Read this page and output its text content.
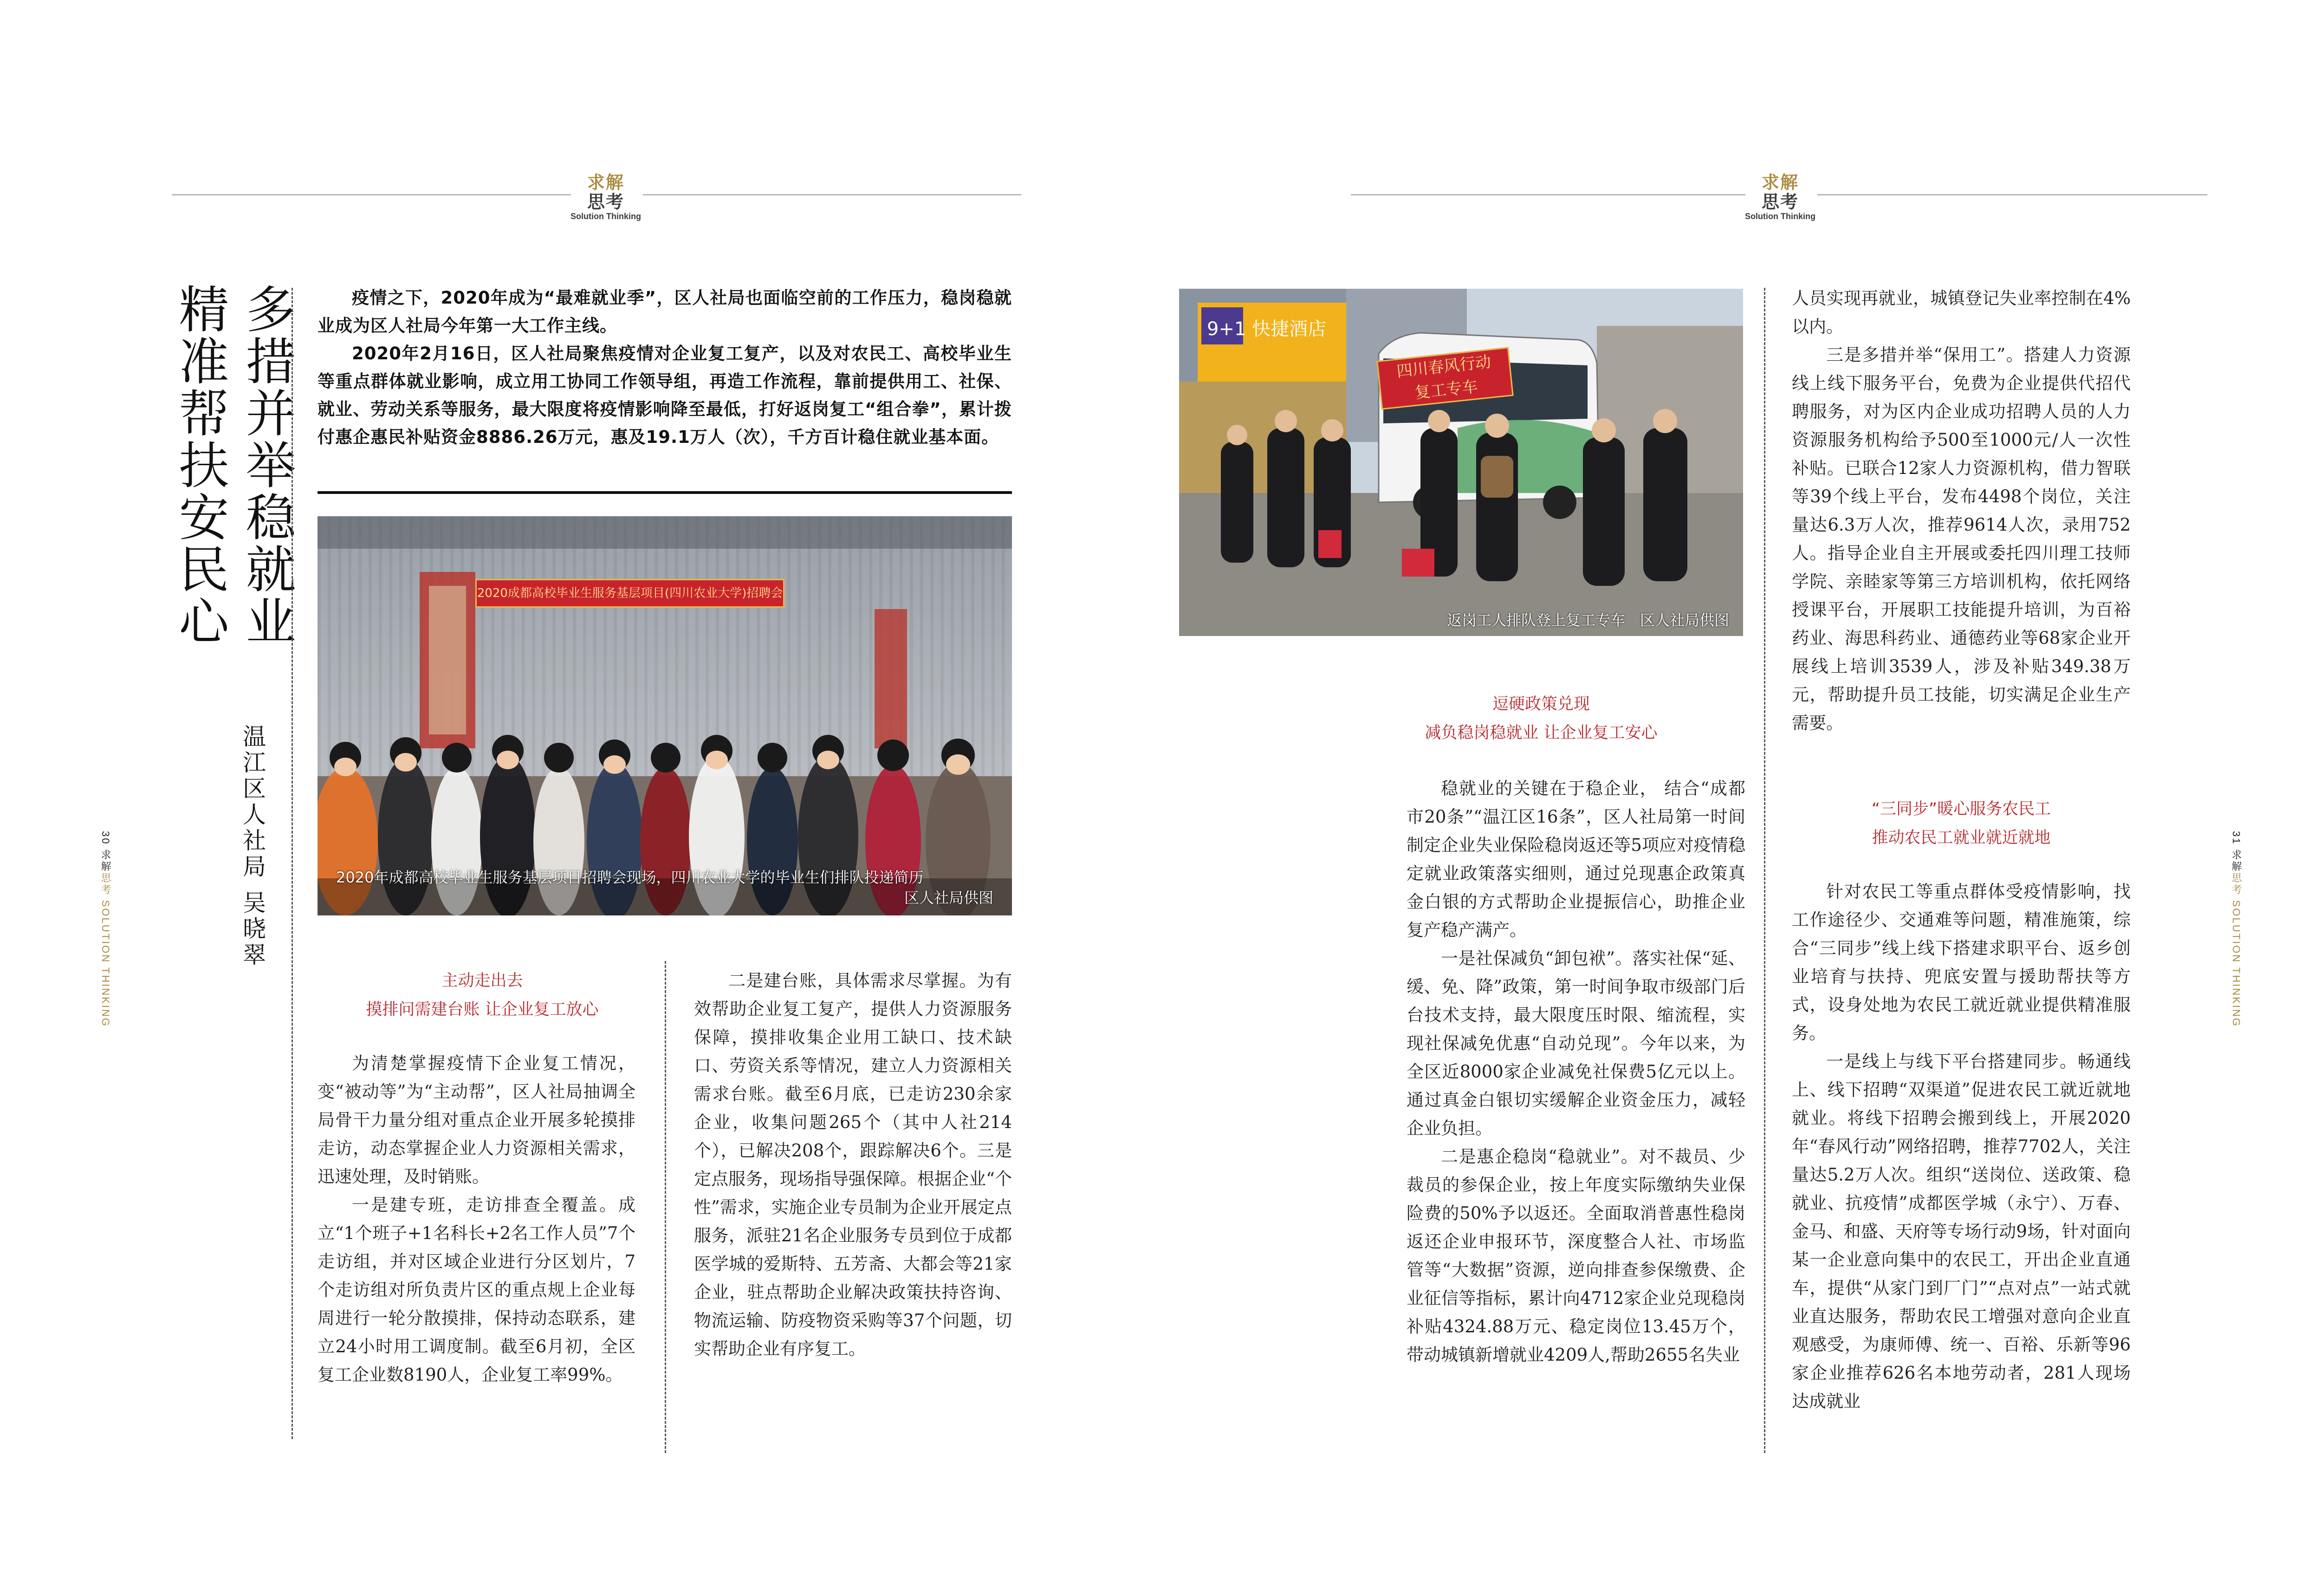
求解
思考
Solution Thinking
求解
思考
Solution Thinking
30 求解思考 SOLUTION THINKING
31 求解思考 SOLUTION THINKING
多措并举稳就业
精准帮扶安民心
温江区人社局 吴晓翠

疫情之下，2020年成为“最难就业季”，区人社局也面临空前的工作压力，稳岗稳就业成为区人社局今年第一大工作主线。

2020年2月16日，区人社局聚焦疫情对企业复工复产，以及对农民工、高校毕业生等重点群体就业影响，成立用工协同工作领导组，再造工作流程，靠前提供用工、社保、就业、劳动关系等服务，最大限度将疫情影响降至最低，打好返岗复工“组合拳”，累计拨付惠企惠民补贴资金8886.26万元，惠及19.1万人（次），千方百计稳住就业基本面。

2020成都高校毕业生服务基层项目(四川农业大学)招聘会
2020年成都高校毕业生服务基层项目招聘会现场，四川农业大学的毕业生们排队投递简历
区人社局供图
主动走出去
摸排问需建台账 让企业复工放心

为清楚掌握疫情下企业复工情况，变“被动等”为“主动帮”，区人社局抽调全局骨干力量分组对重点企业开展多轮摸排走访，动态掌握企业人力资源相关需求，迅速处理，及时销账。

一是建专班，走访排查全覆盖。成立“1个班子+1名科长+2名工作人员”7个走访组，并对区域企业进行分区划片，7个走访组对所负责片区的重点规上企业每周进行一轮分散摸排，保持动态联系，建立24小时用工调度制。截至6月初，全区复工企业数8190人，企业复工率99%。

二是建台账，具体需求尽掌握。为有效帮助企业复工复产，提供人力资源服务保障，摸排收集企业用工缺口、技术缺口、劳资关系等情况，建立人力资源相关需求台账。截至6月底，已走访230余家企业，收集问题265个（其中人社214个），已解决208个，跟踪解决6个。三是定点服务，现场指导强保障。根据企业“个性”需求，实施企业专员制为企业开展定点服务，派驻21名企业服务专员到位于成都医学城的爱斯特、五芳斋、大都会等21家企业，驻点帮助企业解决政策扶持咨询、物流运输、防疫物资采购等37个问题，切实帮助企业有序复工。

9+1 快捷酒店
四川春风行动
复工专车
返岗工人排队登上复工专车　区人社局供图
逗硬政策兑现
减负稳岗稳就业 让企业复工安心

稳就业的关键在于稳企业， 结合“成都市20条”“温江区16条”，区人社局第一时间制定企业失业保险稳岗返还等5项应对疫情稳定就业政策落实细则，通过兑现惠企政策真金白银的方式帮助企业提振信心，助推企业复产稳产满产。

一是社保减负“卸包袱”。落实社保“延、缓、免、降”政策，第一时间争取市级部门后台技术支持，最大限度压时限、缩流程，实现社保减免优惠“自动兑现”。今年以来，为全区近8000家企业减免社保费5亿元以上。通过真金白银切实缓解企业资金压力，减轻企业负担。

二是惠企稳岗“稳就业”。对不裁员、少裁员的参保企业，按上年度实际缴纳失业保险费的50%予以返还。全面取消普惠性稳岗返还企业申报环节，深度整合人社、市场监管等“大数据”资源，逆向排查参保缴费、企业征信等指标，累计向4712家企业兑现稳岗补贴4324.88万元、稳定岗位13.45万个，带动城镇新增就业4209人,帮助2655名失业

人员实现再就业，城镇登记失业率控制在4%以内。

三是多措并举“保用工”。搭建人力资源线上线下服务平台，免费为企业提供代招代聘服务，对为区内企业成功招聘人员的人力资源服务机构给予500至1000元/人一次性补贴。已联合12家人力资源机构，借力智联等39个线上平台，发布4498个岗位，关注量达6.3万人次，推荐9614人次，录用752人。指导企业自主开展或委托四川理工技师学院、亲睦家等第三方培训机构，依托网络授课平台，开展职工技能提升培训，为百裕药业、海思科药业、通德药业等68家企业开展线上培训3539人，涉及补贴349.38万元，帮助提升员工技能，切实满足企业生产需要。

“三同步”暖心服务农民工
推动农民工就业就近就地

针对农民工等重点群体受疫情影响，找工作途径少、交通难等问题，精准施策，综合“三同步”线上线下搭建求职平台、返乡创业培育与扶持、兜底安置与援助帮扶等方式，设身处地为农民工就近就业提供精准服务。

一是线上与线下平台搭建同步。畅通线上、线下招聘“双渠道”促进农民工就近就地就业。将线下招聘会搬到线上，开展2020年“春风行动”网络招聘，推荐7702人，关注量达5.2万人次。组织“送岗位、送政策、稳就业、抗疫情”成都医学城（永宁）、万春、金马、和盛、天府等专场行动9场，针对面向某一企业意向集中的农民工，开出企业直通车，提供“从家门到厂门”“点对点”一站式就业直达服务，帮助农民工增强对意向企业直观感受，为康师傅、统一、百裕、乐新等96家企业推荐626名本地劳动者，281人现场达成就业
